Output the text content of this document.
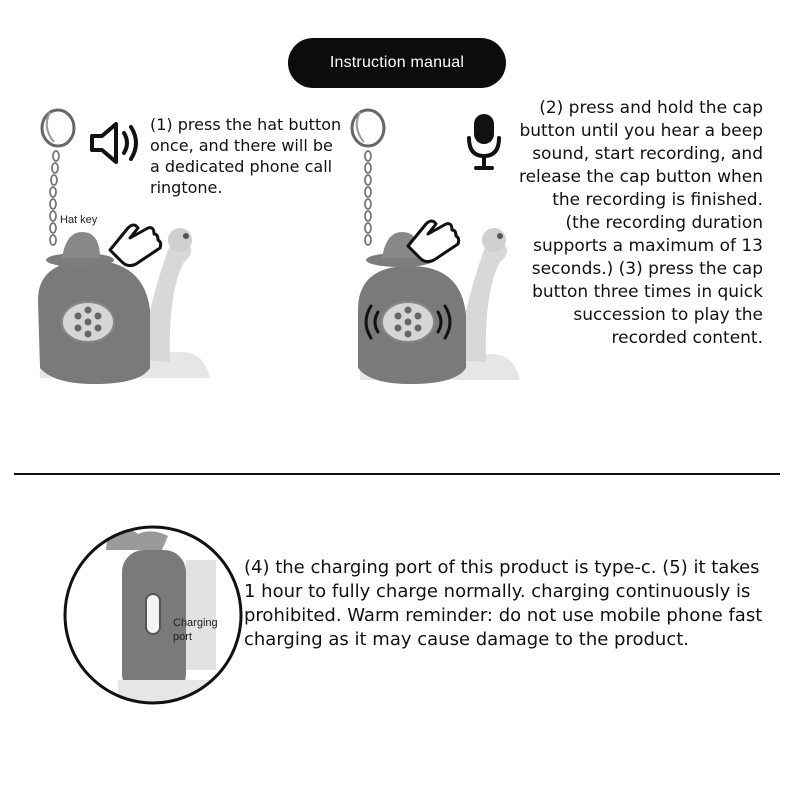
Instruction manual
Hat key
(1) press the hat button once, and there will be a dedicated phone call ringtone.
(2) press and hold the cap button until you hear a beep sound, start recording, and release the cap button when the recording is finished. (the recording duration supports a maximum of 13 seconds.) (3) press the cap button three times in quick succession to play the recorded content.
Charging port
(4) the charging port of this product is type-c. (5) it takes 1 hour to fully charge normally. charging continuously is prohibited. Warm reminder: do not use mobile phone fast charging as it may cause damage to the product.
